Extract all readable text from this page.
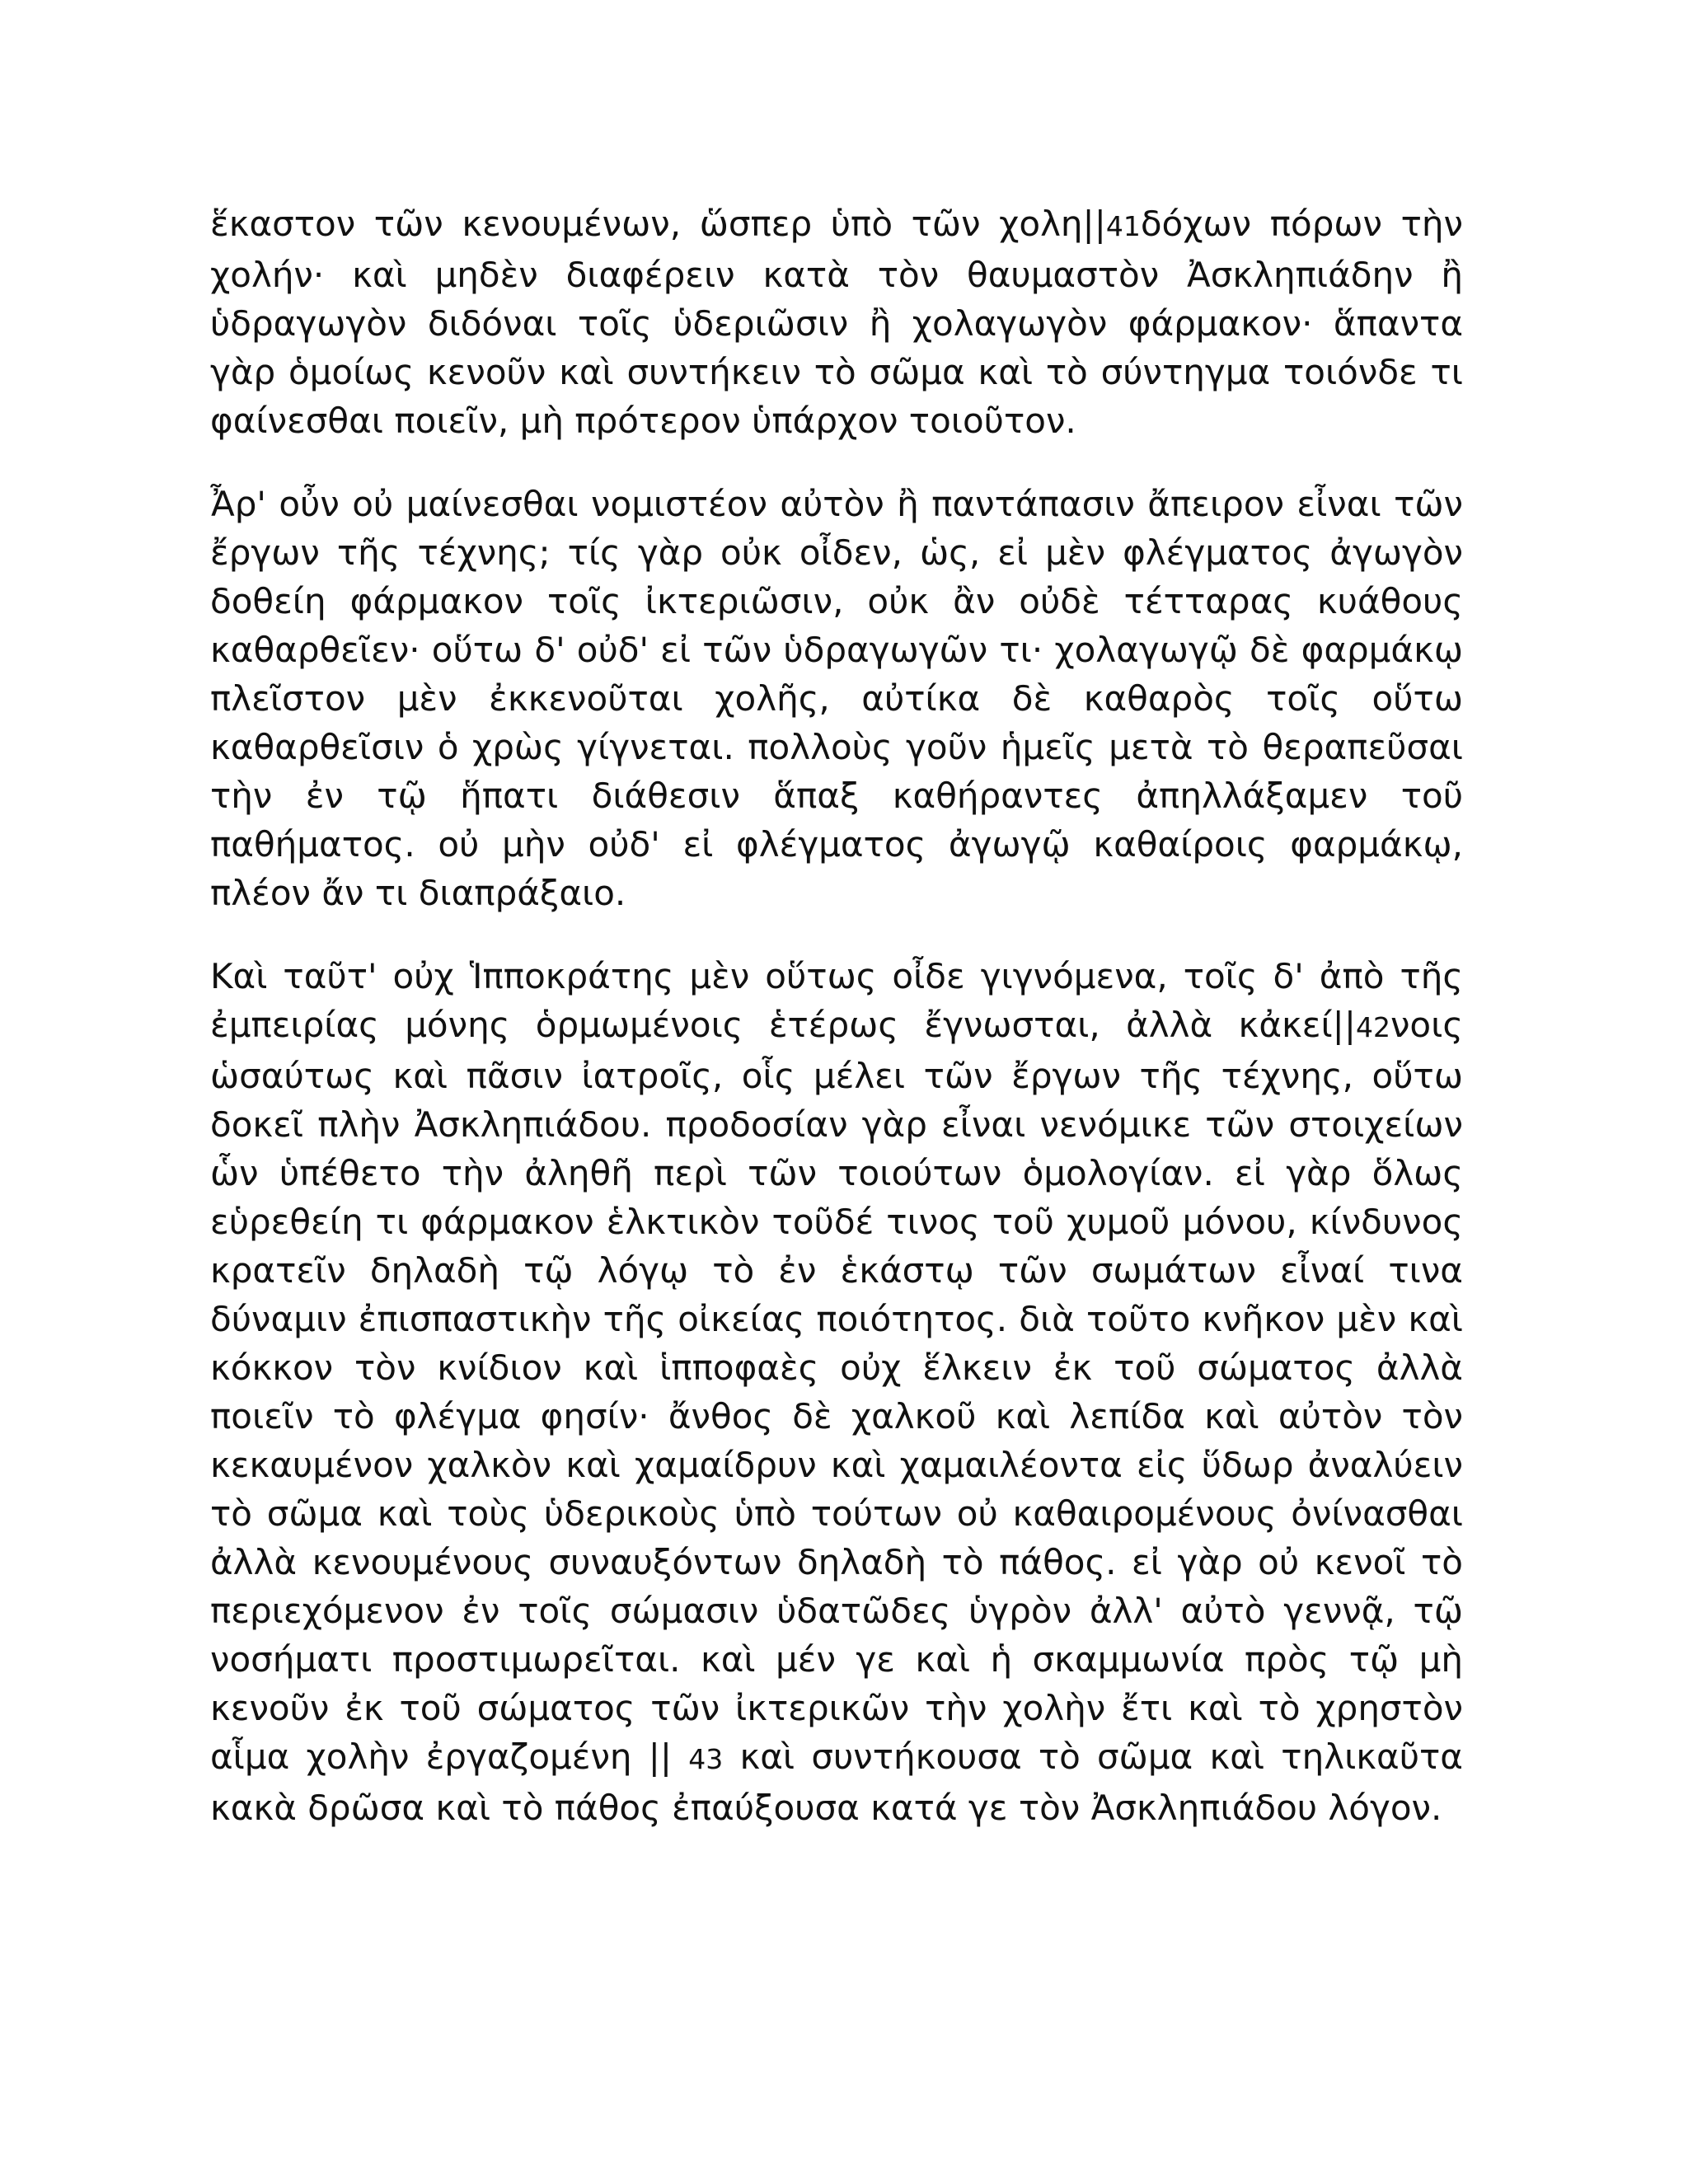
ἕκαστον τῶν κενουμένων, ὥσπερ ὑπὸ τῶν χολη||41δόχων πόρων τὴν χολήν· καὶ μηδὲν διαφέρειν κατὰ τὸν θαυμαστὸν Ἀσκληπιάδην ἢ ὑδραγωγὸν διδόναι τοῖς ὑδεριῶσιν ἢ χολαγωγὸν φάρμακον· ἅπαντα γὰρ ὁμοίως κενοῦν καὶ συντήκειν τὸ σῶμα καὶ τὸ σύντηγμα τοιόνδε τι φαίνεσθαι ποιεῖν, μὴ πρότερον ὑπάρχον τοιοῦτον.

Ἆρ' οὖν οὐ μαίνεσθαι νομιστέον αὐτὸν ἢ παντάπασιν ἄπειρον εἶναι τῶν ἔργων τῆς τέχνης; τίς γὰρ οὐκ οἶδεν, ὡς, εἰ μὲν φλέγματος ἀγωγὸν δοθείη φάρμακον τοῖς ἰκτεριῶσιν, οὐκ ἂν οὐδὲ τέτταρας κυάθους καθαρθεῖεν· οὕτω δ' οὐδ' εἰ τῶν ὑδραγωγῶν τι· χολαγωγῷ δὲ φαρμάκῳ πλεῖστον μὲν ἐκκενοῦται χολῆς, αὐτίκα δὲ καθαρὸς τοῖς οὕτω καθαρθεῖσιν ὁ χρὼς γίγνεται. πολλοὺς γοῦν ἡμεῖς μετὰ τὸ θεραπεῦσαι τὴν ἐν τῷ ἥπατι διάθεσιν ἅπαξ καθήραντες ἀπηλλάξαμεν τοῦ παθήματος. οὐ μὴν οὐδ' εἰ φλέγματος ἀγωγῷ καθαίροις φαρμάκῳ, πλέον ἄν τι διαπράξαιο.

Καὶ ταῦτ' οὐχ Ἱπποκράτης μὲν οὕτως οἶδε γιγνόμενα, τοῖς δ' ἀπὸ τῆς ἐμπειρίας μόνης ὁρμωμένοις ἑτέρως ἔγνωσται, ἀλλὰ κἀκεί||42νοις ὡσαύτως καὶ πᾶσιν ἰατροῖς, οἷς μέλει τῶν ἔργων τῆς τέχνης, οὕτω δοκεῖ πλὴν Ἀσκληπιάδου. προδοσίαν γὰρ εἶναι νενόμικε τῶν στοιχείων ὧν ὑπέθετο τὴν ἀληθῆ περὶ τῶν τοιούτων ὁμολογίαν. εἰ γὰρ ὅλως εὑρεθείη τι φάρμακον ἑλκτικὸν τοῦδέ τινος τοῦ χυμοῦ μόνου, κίνδυνος κρατεῖν δηλαδὴ τῷ λόγῳ τὸ ἐν ἑκάστῳ τῶν σωμάτων εἶναί τινα δύναμιν ἐπισπαστικὴν τῆς οἰκείας ποιότητος. διὰ τοῦτο κνῆκον μὲν καὶ κόκκον τὸν κνίδιον καὶ ἱπποφαὲς οὐχ ἕλκειν ἐκ τοῦ σώματος ἀλλὰ ποιεῖν τὸ φλέγμα φησίν· ἄνθος δὲ χαλκοῦ καὶ λεπίδα καὶ αὐτὸν τὸν κεκαυμένον χαλκὸν καὶ χαμαίδρυν καὶ χαμαιλέοντα εἰς ὕδωρ ἀναλύειν τὸ σῶμα καὶ τοὺς ὑδερικοὺς ὑπὸ τούτων οὐ καθαιρομένους ὀνίνασθαι ἀλλὰ κενουμένους συναυξόντων δηλαδὴ τὸ πάθος. εἰ γὰρ οὐ κενοῖ τὸ περιεχόμενον ἐν τοῖς σώμασιν ὑδατῶδες ὑγρὸν ἀλλ' αὐτὸ γεννᾷ, τῷ νοσήματι προστιμωρεῖται. καὶ μέν γε καὶ ἡ σκαμμωνία πρὸς τῷ μὴ κενοῦν ἐκ τοῦ σώματος τῶν ἰκτερικῶν τὴν χολὴν ἔτι καὶ τὸ χρηστὸν αἷμα χολὴν ἐργαζομένη || 43 καὶ συντήκουσα τὸ σῶμα καὶ τηλικαῦτα κακὰ δρῶσα καὶ τὸ πάθος ἐπαύξουσα κατά γε τὸν Ἀσκληπιάδου λόγον.
